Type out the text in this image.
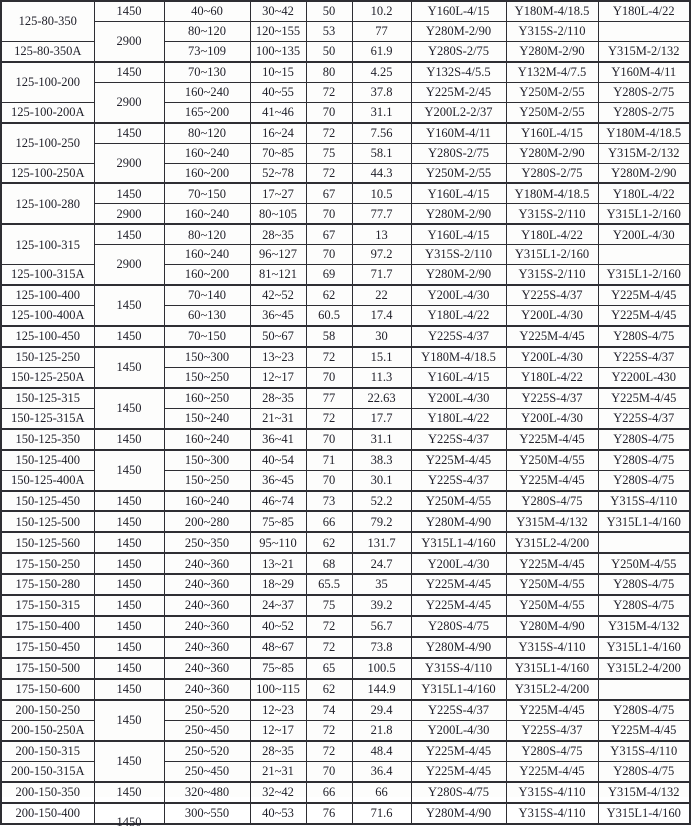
125-80-350	1450	40~60	30~42	50	10.2	Y160L-4/15	Y180M-4/18.5	Y180L-4/22
	2900	80~120	120~155	53	77	Y280M-2/90	Y315S-2/110	
125-80-350A		73~109	100~135	50	61.9	Y280S-2/75	Y280M-2/90	Y315M-2/132
125-100-200	1450	70~130	10~15	80	4.25	Y132S-4/5.5	Y132M-4/7.5	Y160M-4/11
	2900	160~240	40~55	72	37.8	Y225M-2/45	Y250M-2/55	Y280S-2/75
125-100-200A		165~200	41~46	70	31.1	Y200L2-2/37	Y250M-2/55	Y280S-2/75
125-100-250	1450	80~120	16~24	72	7.56	Y160M-4/11	Y160L-4/15	Y180M-4/18.5
	2900	160~240	70~85	75	58.1	Y280S-2/75	Y280M-2/90	Y315M-2/132
125-100-250A		160~200	52~78	72	44.3	Y250M-2/55	Y280S-2/75	Y280M-2/90
125-100-280	1450	70~150	17~27	67	10.5	Y160L-4/15	Y180M-4/18.5	Y180L-4/22
	2900	160~240	80~105	70	77.7	Y280M-2/90	Y315S-2/110	Y315L1-2/160
125-100-315	1450	80~120	28~35	67	13	Y160L-4/15	Y180L-4/22	Y200L-4/30
	2900	160~240	96~127	70	97.2	Y315S-2/110	Y315L1-2/160	
125-100-315A		160~200	81~121	69	71.7	Y280M-2/90	Y315S-2/110	Y315L1-2/160
125-100-400	1450	70~140	42~52	62	22	Y200L-4/30	Y225S-4/37	Y225M-4/45
125-100-400A		60~130	36~45	60.5	17.4	Y180L-4/22	Y200L-4/30	Y225M-4/45
125-100-450	1450	70~150	50~67	58	30	Y225S-4/37	Y225M-4/45	Y280S-4/75
150-125-250	1450	150~300	13~23	72	15.1	Y180M-4/18.5	Y200L-4/30	Y225S-4/37
150-125-250A		150~250	12~17	70	11.3	Y160L-4/15	Y180L-4/22	Y2200L-430
150-125-315	1450	160~250	28~35	77	22.63	Y200L-4/30	Y225S-4/37	Y225M-4/45
150-125-315A		150~240	21~31	72	17.7	Y180L-4/22	Y200L-4/30	Y225S-4/37
150-125-350	1450	160~240	36~41	70	31.1	Y225S-4/37	Y225M-4/45	Y280S-4/75
150-125-400	1450	150~300	40~54	71	38.3	Y225M-4/45	Y250M-4/55	Y280S-4/75
150-125-400A		150~250	36~45	70	30.1	Y225S-4/37	Y225M-4/45	Y280S-4/75
150-125-450	1450	160~240	46~74	73	52.2	Y250M-4/55	Y280S-4/75	Y315S-4/110
150-125-500	1450	200~280	75~85	66	79.2	Y280M-4/90	Y315M-4/132	Y315L1-4/160
150-125-560	1450	250~350	95~110	62	131.7	Y315L1-4/160	Y315L2-4/200	
175-150-250	1450	240~360	13~21	68	24.7	Y200L-4/30	Y225M-4/45	Y250M-4/55
175-150-280	1450	240~360	18~29	65.5	35	Y225M-4/45	Y250M-4/55	Y280S-4/75
175-150-315	1450	240~360	24~37	75	39.2	Y225M-4/45	Y250M-4/55	Y280S-4/75
175-150-400	1450	240~360	40~52	72	56.7	Y280S-4/75	Y280M-4/90	Y315M-4/132
175-150-450	1450	240~360	48~67	72	73.8	Y280M-4/90	Y315S-4/110	Y315L1-4/160
175-150-500	1450	240~360	75~85	65	100.5	Y315S-4/110	Y315L1-4/160	Y315L2-4/200
175-150-600	1450	240~360	100~115	62	144.9	Y315L1-4/160	Y315L2-4/200	
200-150-250	1450	250~520	12~23	74	29.4	Y225S-4/37	Y225M-4/45	Y280S-4/75
200-150-250A		250~450	12~17	72	21.8	Y200L-4/30	Y225S-4/37	Y225M-4/45
200-150-315	1450	250~520	28~35	72	48.4	Y225M-4/45	Y280S-4/75	Y315S-4/110
200-150-315A		250~450	21~31	70	36.4	Y225M-4/45	Y225M-4/45	Y280S-4/75
200-150-350	1450	320~480	32~42	66	66	Y280S-4/75	Y315S-4/110	Y315M-4/132
200-150-400	1450	300~550	40~53	76	71.6	Y280M-4/90	Y315S-4/110	Y315L1-4/160
